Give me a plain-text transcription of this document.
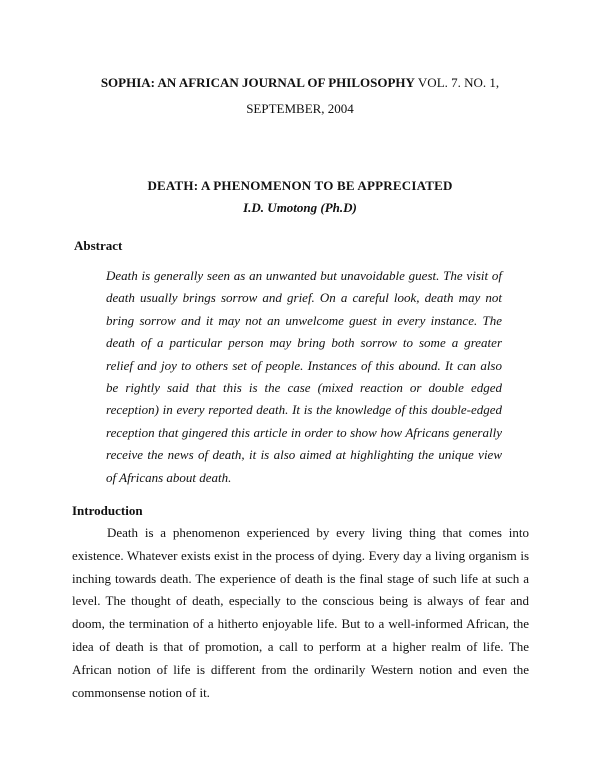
SOPHIA: AN AFRICAN JOURNAL OF PHILOSOPHY VOL. 7. NO. 1,
SEPTEMBER, 2004
DEATH: A PHENOMENON TO BE APPRECIATED
I.D. Umotong (Ph.D)
Abstract
Death is generally seen as an unwanted but unavoidable guest. The visit of
death usually brings sorrow and grief. On a careful look, death may not
bring sorrow and it may not an unwelcome guest in every instance. The
death of a particular person may bring both sorrow to some a greater
relief and joy to others set of people. Instances of this abound. It can also
be rightly said that this is the case (mixed reaction or double edged
reception) in every reported death. It is the knowledge of this double-edged
reception that gingered this article in order to show how Africans generally
receive the news of death, it is also aimed at highlighting the unique view
of Africans about death.
Introduction
Death is a phenomenon experienced by every living thing that comes into
existence. Whatever exists exist in the process of dying. Every day a living organism is
inching towards death. The experience of death is the final stage of such life at such a
level. The thought of death, especially to the conscious being is always of fear and
doom, the termination of a hitherto enjoyable life. But to a well-informed African, the
idea of death is that of promotion, a call to perform at a higher realm of life. The
African notion of life is different from the ordinarily Western notion and even the
commonsense notion of it.
